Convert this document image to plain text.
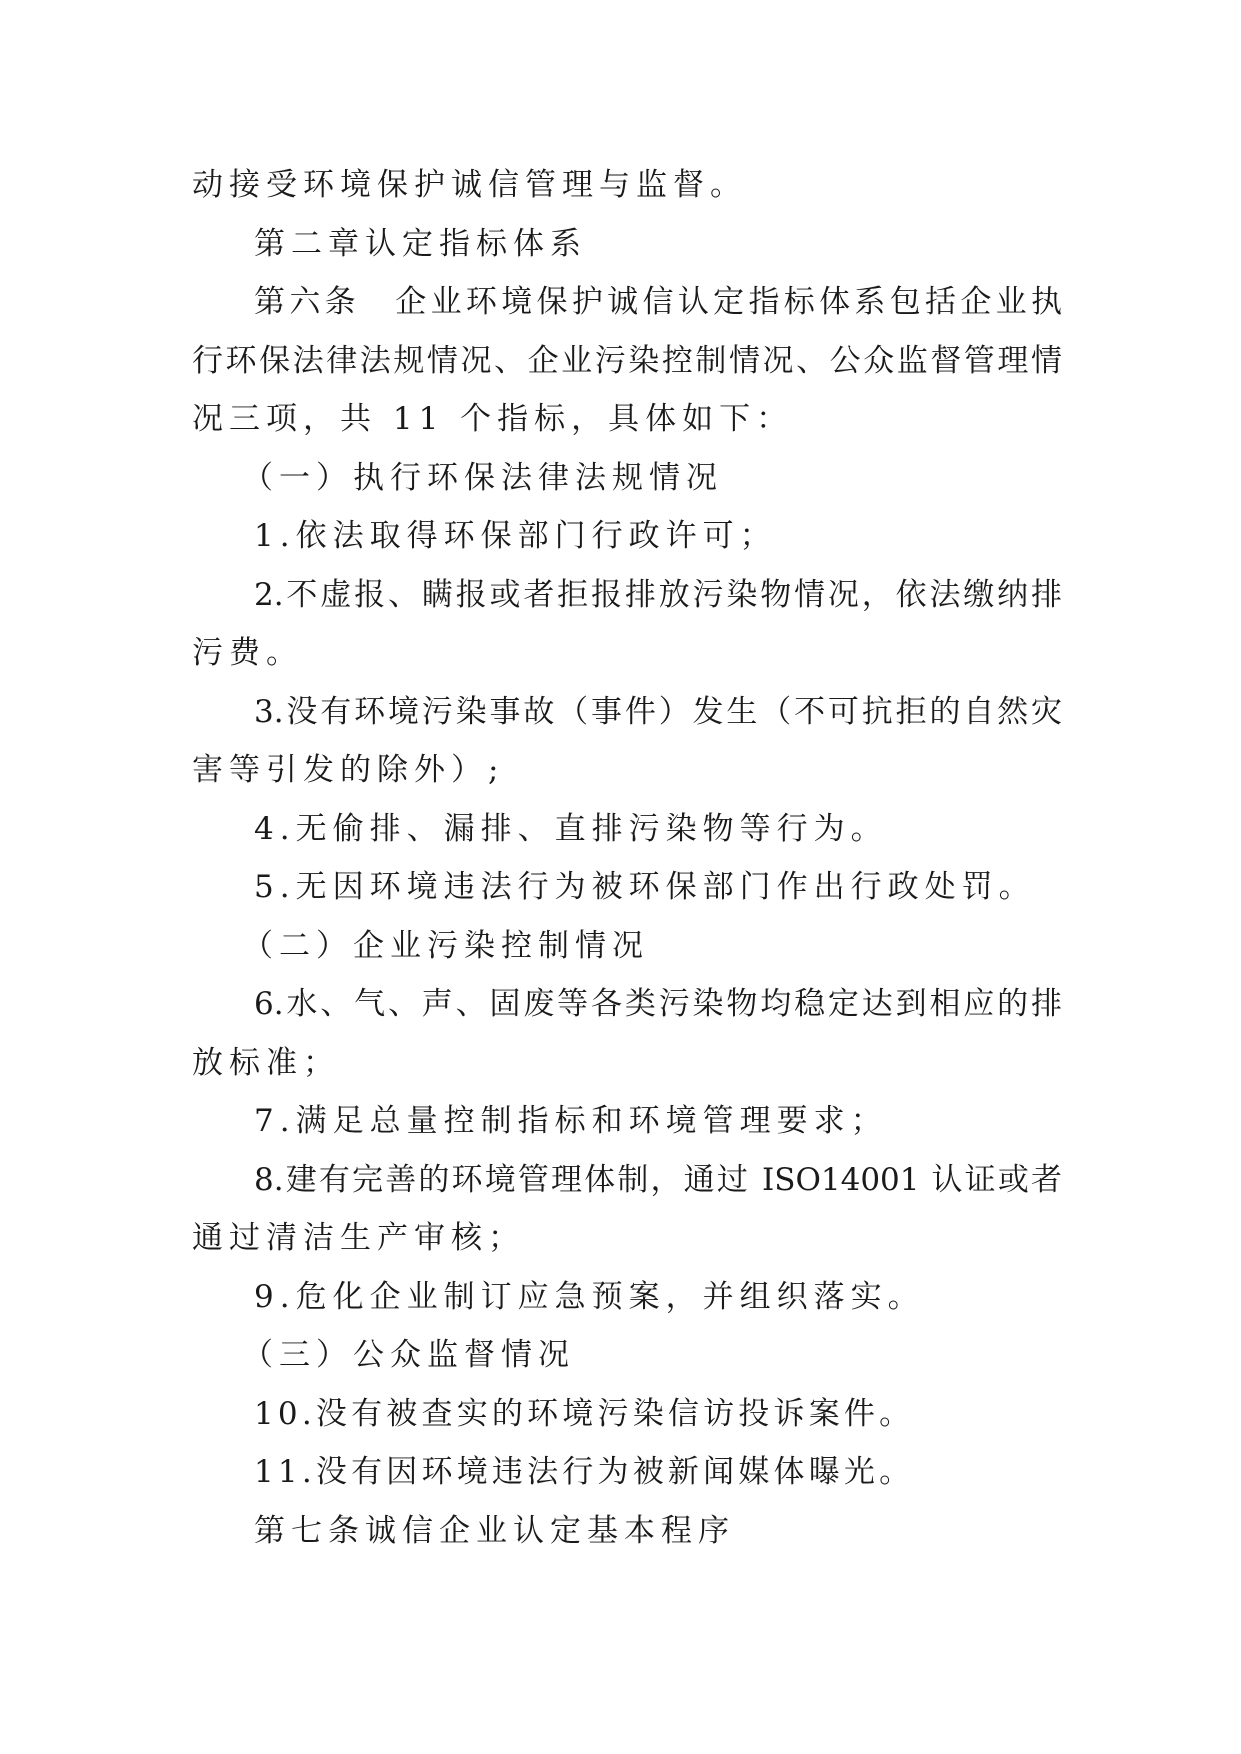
动接受环境保护诚信管理与监督。
第二章认定指标体系
第六条　企业环境保护诚信认定指标体系包括企业执
行环保法律法规情况、企业污染控制情况、公众监督管理情
况三项，共 11 个指标，具体如下：
（一）执行环保法律法规情况
1.依法取得环保部门行政许可；
2.不虚报、瞒报或者拒报排放污染物情况，依法缴纳排
污费。
3.没有环境污染事故（事件）发生（不可抗拒的自然灾
害等引发的除外）;
4.无偷排、漏排、直排污染物等行为。
5.无因环境违法行为被环保部门作出行政处罚。
（二）企业污染控制情况
6.水、气、声、固废等各类污染物均稳定达到相应的排
放标准；
7.满足总量控制指标和环境管理要求；
8.建有完善的环境管理体制，通过 ISO14001 认证或者
通过清洁生产审核；
9.危化企业制订应急预案，并组织落实。
（三）公众监督情况
10.没有被查实的环境污染信访投诉案件。
11.没有因环境违法行为被新闻媒体曝光。
第七条诚信企业认定基本程序
